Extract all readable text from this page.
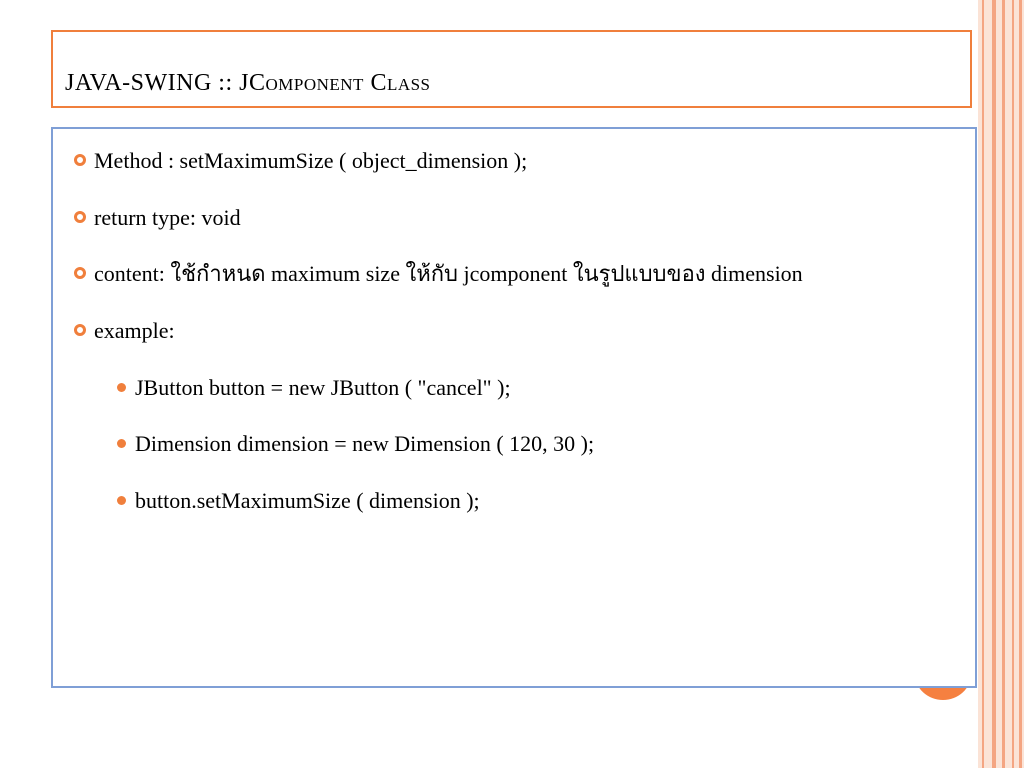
JAVA-SWING :: JComponent Class
Method : setMaximumSize ( object_dimension );
return type: void
content: ใช้กำหนด maximum size ให้กับ jcomponent ในรูปแบบของ dimension
example:
JButton button = new JButton ( "cancel" );
Dimension dimension = new Dimension ( 120, 30 );
button.setMaximumSize ( dimension );
